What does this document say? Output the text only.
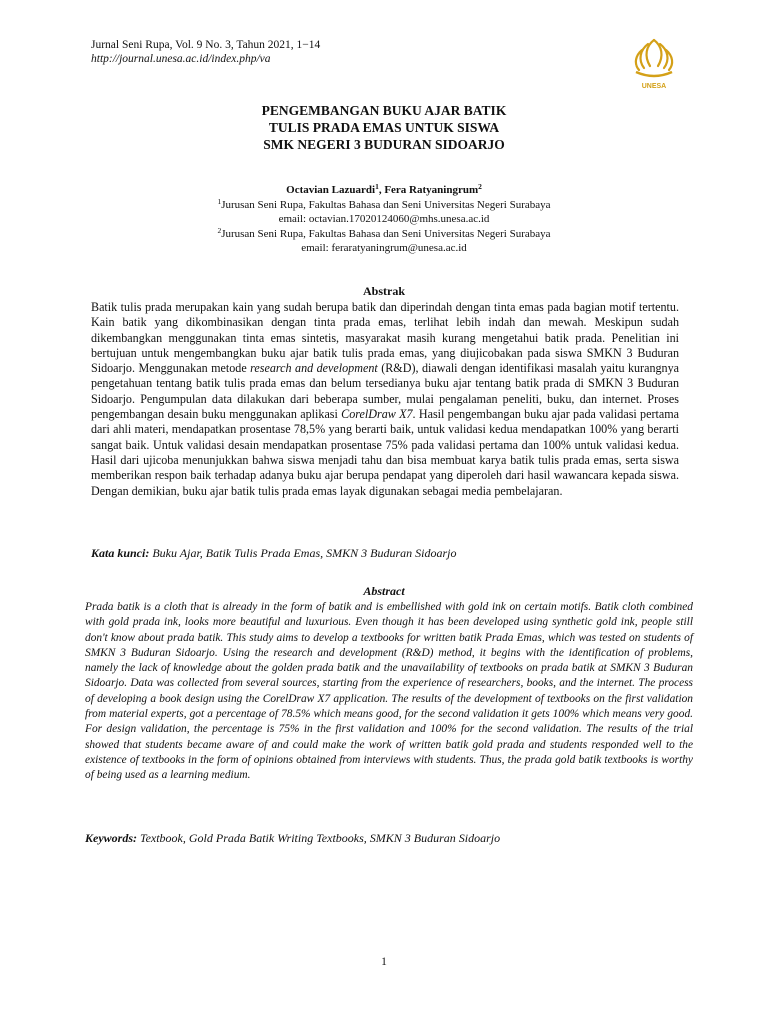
Jurnal Seni Rupa, Vol. 9 No. 3, Tahun 2021, 1−14
http://journal.unesa.ac.id/index.php/va
UNESA
PENGEMBANGAN BUKU AJAR BATIK
TULIS PRADA EMAS UNTUK SISWA
SMK NEGERI 3 BUDURAN SIDOARJO
Octavian Lazuardi$^1$, Fera Ratyaningrum$^2$
$^1$Jurusan Seni Rupa, Fakultas Bahasa dan Seni Universitas Negeri Surabaya
email: octavian.17020124060@mhs.unesa.ac.id
$^2$Jurusan Seni Rupa, Fakultas Bahasa dan Seni Universitas Negeri Surabaya
email: feraratyaningrum@unesa.ac.id
Abstrak

Batik tulis prada merupakan kain yang sudah berupa batik dan diperindah dengan tinta emas pada bagian motif tertentu. Kain batik yang dikombinasikan dengan tinta prada emas, terlihat lebih indah dan mewah. Meskipun sudah dikembangkan menggunakan tinta emas sintetis, masyarakat masih kurang mengetahui batik prada. Penelitian ini bertujuan untuk mengembangkan buku ajar batik tulis prada emas, yang diujicobakan pada siswa SMKN 3 Buduran Sidoarjo. Menggunakan metode research and development (R&D), diawali dengan identifikasi masalah yaitu kurangnya pengetahuan tentang batik tulis prada emas dan belum tersedianya buku ajar tentang batik prada di SMKN 3 Buduran Sidoarjo. Pengumpulan data dilakukan dari beberapa sumber, mulai pengalaman peneliti, buku, dan internet. Proses pengembangan desain buku menggunakan aplikasi CorelDraw X7. Hasil pengembangan buku ajar pada validasi pertama dari ahli materi, mendapatkan prosentase 78,5% yang berarti baik, untuk validasi kedua mendapatkan 100% yang berarti sangat baik. Untuk validasi desain mendapatkan prosentase 75% pada validasi pertama dan 100% untuk validasi kedua. Hasil dari ujicoba menunjukkan bahwa siswa menjadi tahu dan bisa membuat karya batik tulis prada emas, serta siswa memberikan respon baik terhadap adanya buku ajar berupa pendapat yang diperoleh dari hasil wawancara kepada siswa. Dengan demikian, buku ajar batik tulis prada emas layak digunakan sebagai media pembelajaran.

Kata kunci: Buku Ajar, Batik Tulis Prada Emas, SMKN 3 Buduran Sidoarjo
Abstract

Prada batik is a cloth that is already in the form of batik and is embellished with gold ink on certain motifs. Batik cloth combined with gold prada ink, looks more beautiful and luxurious. Even though it has been developed using synthetic gold ink, people still don't know about prada batik. This study aims to develop a textbooks for written batik Prada Emas, which was tested on students of SMKN 3 Buduran Sidoarjo. Using the research and development (R&D) method, it begins with the identification of problems, namely the lack of knowledge about the golden prada batik and the unavailability of textbooks on prada batik at SMKN 3 Buduran Sidoarjo. Data was collected from several sources, starting from the experience of researchers, books, and the internet. The process of developing a book design using the CorelDraw X7 application. The results of the development of textbooks on the first validation from material experts, got a percentage of 78.5% which means good, for the second validation it gets 100% which means very good. For design validation, the percentage is 75% in the first validation and 100% for the second validation. The results of the trial showed that students became aware of and could make the work of written batik gold prada and students responded well to the existence of textbooks in the form of opinions obtained from interviews with students. Thus, the prada gold batik textbooks is worthy of being used as a learning medium.

Keywords: Textbook, Gold Prada Batik Writing Textbooks, SMKN 3 Buduran Sidoarjo
1
